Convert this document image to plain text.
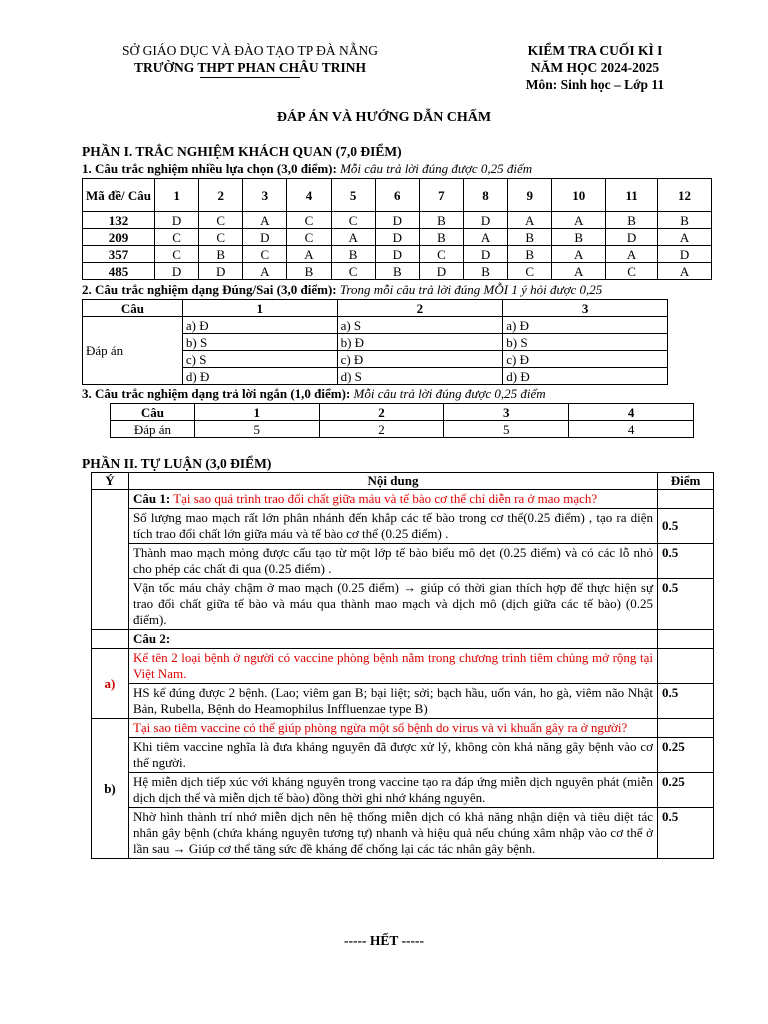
SỞ GIÁO DỤC VÀ ĐÀO TẠO TP ĐÀ NẴNG
TRƯỜNG THPT PHAN CHÂU TRINH
KIỂM TRA CUỐI KÌ I
NĂM HỌC 2024-2025
Môn: Sinh học – Lớp 11
ĐÁP ÁN VÀ HƯỚNG DẪN CHẤM
PHẦN I. TRẮC NGHIỆM KHÁCH QUAN (7,0 ĐIỂM)
1. Câu trắc nghiệm nhiều lựa chọn (3,0 điểm): Mỗi câu trả lời đúng được 0,25 điểm
Mã đề/ Câu	1	2	3	4	5	6	7	8	9	10	11	12
132	D	C	A	C	C	D	B	D	A	A	B	B
209	C	C	D	C	A	D	B	A	B	B	D	A
357	C	B	C	A	B	D	C	D	B	A	A	D
485	D	D	A	B	C	B	D	B	C	A	C	A
2. Câu trắc nghiệm dạng Đúng/Sai (3,0 điểm): Trong mỗi câu trả lời đúng MỖI 1 ý hỏi được 0,25
Câu	1	2	3
Đáp án	a) Đ	a) S	a) Đ
	b) S	b) Đ	b) S
	c) S	c) Đ	c) Đ
	d) Đ	d) S	d) Đ
3. Câu trắc nghiệm dạng trả lời ngắn (1,0 điểm): Mỗi câu trả lời đúng được 0,25 điểm
Câu	1	2	3	4
Đáp án	5	2	5	4
PHẦN II. TỰ LUẬN (3,0 ĐIỂM)
Ý	Nội dung	Điểm
	Câu 1: Tại sao quá trình trao đổi chất giữa máu và tế bào cơ thể chỉ diễn ra ở mao mạch?	
	Số lượng mao mạch rất lớn phân nhánh đến khắp các tế bào trong cơ thể(0.25 điểm) , tạo ra diện tích trao đổi chất lớn giữa máu và tế bào cơ thể (0.25 điểm) .	0.5
	Thành mao mạch mỏng được cấu tạo từ một lớp tế bào biểu mô dẹt (0.25 điểm) và có các lỗ nhỏ cho phép các chất đi qua (0.25 điểm) .	0.5
	Vận tốc máu chảy chậm ở mao mạch (0.25 điểm) → giúp có thời gian thích hợp để thực hiện sự trao đổi chất giữa tế bào và máu qua thành mao mạch và dịch mô (dịch giữa các tế bào) (0.25 điểm).	0.5
	Câu 2:	
a)	Kể tên 2 loại bệnh ở người có vaccine phòng bệnh nằm trong chương trình tiêm chủng mở rộng tại Việt Nam.	
	HS kể đúng được 2 bệnh. (Lao; viêm gan B; bại liệt; sởi; bạch hầu, uốn ván, ho gà, viêm não Nhật Bản, Rubella, Bệnh do Heamophilus Inffluenzae type B)	0.5
b)	Tại sao tiêm vaccine có thể giúp phòng ngừa một số bệnh do virus và vi khuẩn gây ra ở người?	
	Khi tiêm vaccine nghĩa là đưa kháng nguyên đã được xử lý, không còn khả năng gây bệnh vào cơ thể người.	0.25
	Hệ miễn dịch tiếp xúc với kháng nguyên trong vaccine tạo ra đáp ứng miễn dịch nguyên phát (miễn dịch dịch thể và miễn dịch tế bào) đồng thời ghi nhớ kháng nguyên.	0.25
	Nhờ hình thành trí nhớ miễn dịch nên hệ thống miễn dịch có khả năng nhận diện và tiêu diệt tác nhân gây bệnh (chứa kháng nguyên tương tự) nhanh và hiệu quả nếu chúng xâm nhập vào cơ thể ở lần sau → Giúp cơ thể tăng sức đề kháng để chống lại các tác nhân gây bệnh.	0.5
----- HẾT -----
